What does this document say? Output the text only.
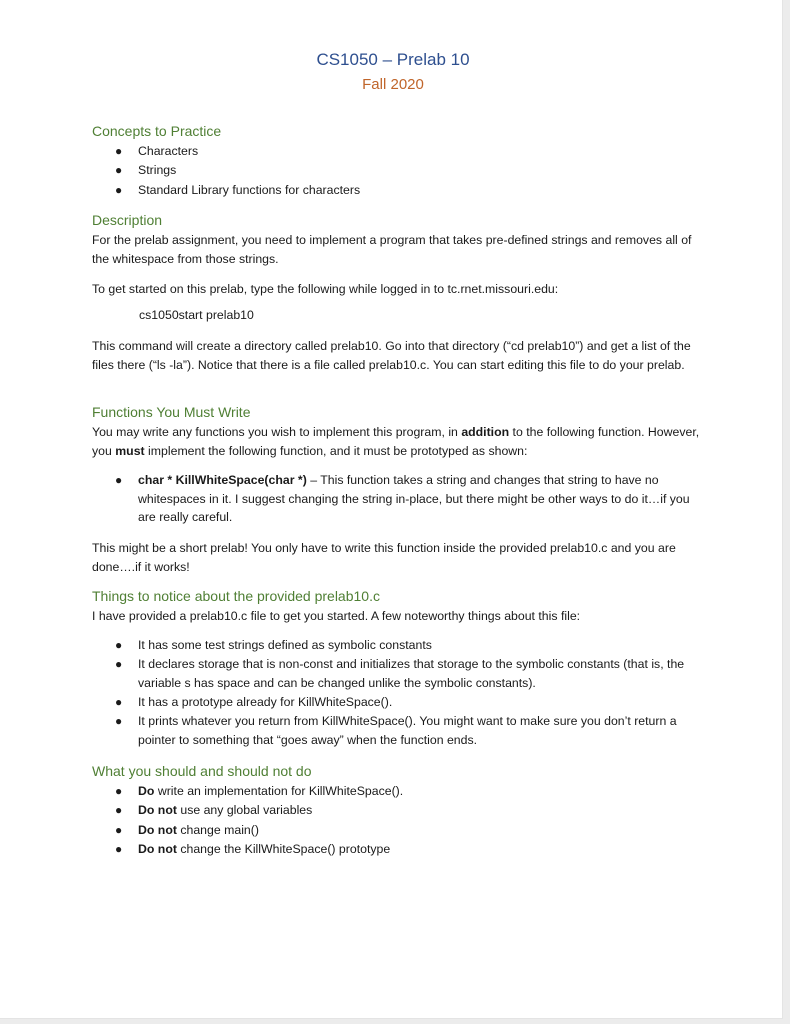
CS1050 – Prelab 10
Fall 2020
Concepts to Practice
● Characters
● Strings
● Standard Library functions for characters
Description
For the prelab assignment, you need to implement a program that takes pre-defined strings and removes all of the whitespace from those strings.
To get started on this prelab, type the following while logged in to tc.rnet.missouri.edu:
cs1050start prelab10
This command will create a directory called prelab10. Go into that directory (“cd prelab10”) and get a list of the files there (“ls -la”). Notice that there is a file called prelab10.c. You can start editing this file to do your prelab.
Functions You Must Write
You may write any functions you wish to implement this program, in addition to the following function. However, you must implement the following function, and it must be prototyped as shown:
● char * KillWhiteSpace(char *) – This function takes a string and changes that string to have no whitespaces in it. I suggest changing the string in-place, but there might be other ways to do it…if you are really careful.
This might be a short prelab! You only have to write this function inside the provided prelab10.c and you are done….if it works!
Things to notice about the provided prelab10.c
I have provided a prelab10.c file to get you started. A few noteworthy things about this file:
● It has some test strings defined as symbolic constants
● It declares storage that is non-const and initializes that storage to the symbolic constants (that is, the variable s has space and can be changed unlike the symbolic constants).
● It has a prototype already for KillWhiteSpace().
● It prints whatever you return from KillWhiteSpace(). You might want to make sure you don’t return a pointer to something that “goes away” when the function ends.
What you should and should not do
● Do write an implementation for KillWhiteSpace().
● Do not use any global variables
● Do not change main()
● Do not change the KillWhiteSpace() prototype
